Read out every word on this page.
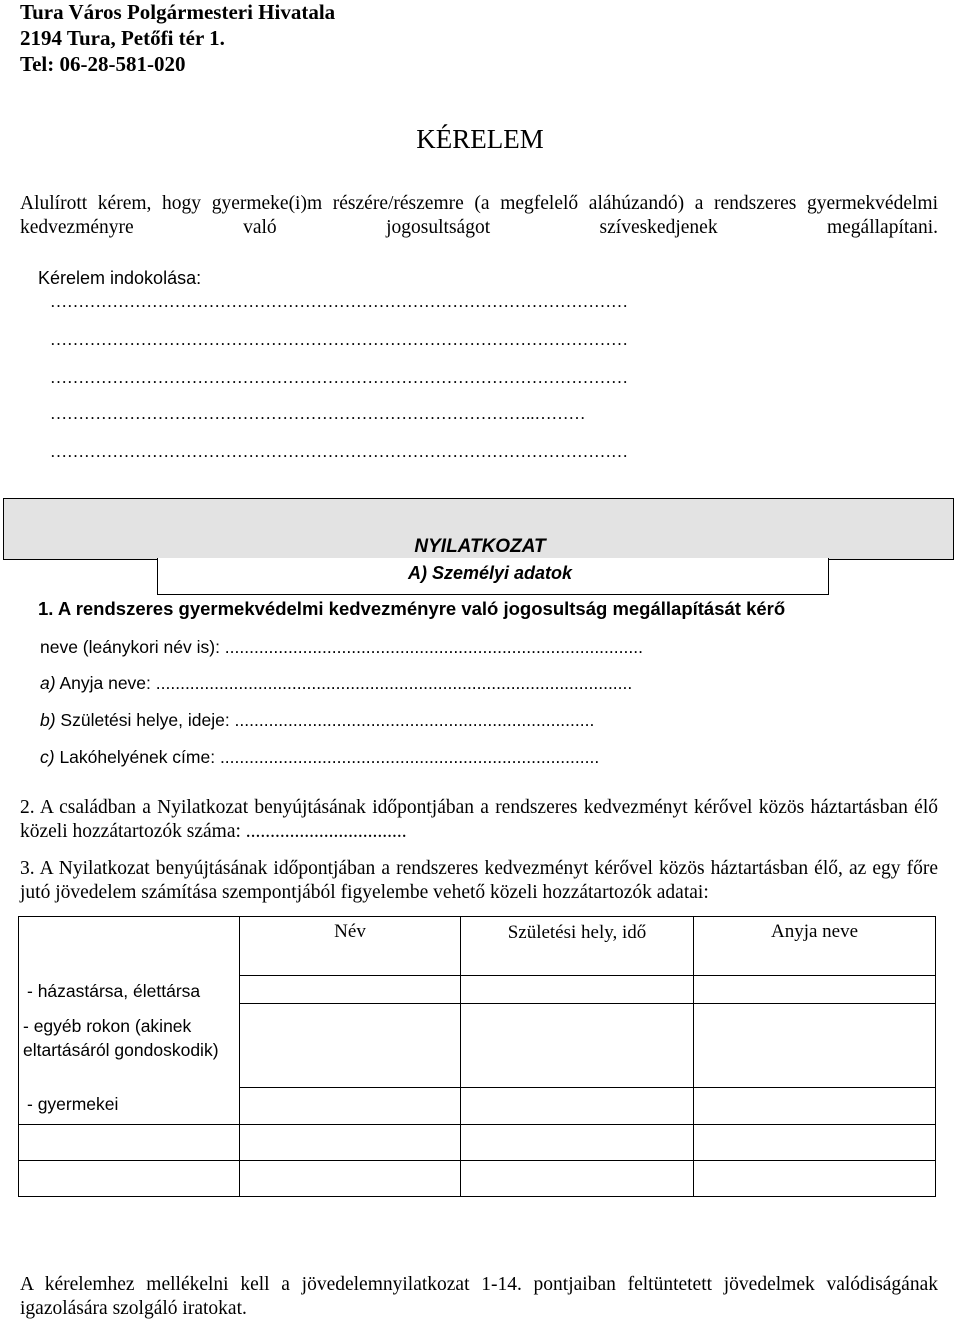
Tura Város Polgármesteri Hivatala
2194 Tura, Petőfi tér 1.
Tel: 06-28-581-020
KÉRELEM
Alulírott kérem, hogy gyermeke(i)m részére/részemre (a megfelelő aláhúzandó) a rendszeres gyermekvédelmi kedvezményre való jogosultságot szíveskedjenek megállapítani.
Kérelem indokolása:
…………………………………………………………………………………………
…………………………………………………………………………………………
…………………………………………………………………………………………
…………………………………………………………………………..………
…………………………………………………………………………………………
NYILATKOZAT
A) Személyi adatok
1. A rendszeres gyermekvédelmi kedvezményre való jogosultság megállapítását kérő
neve (leánykori név is): ......................................................................................
a) Anyja neve: ..................................................................................................
b) Születési helye, ideje: ..........................................................................
c) Lakóhelyének címe: ..............................................................................
2. A családban a Nyilatkozat benyújtásának időpontjában a rendszeres kedvezményt kérővel közös háztartásban élő közeli hozzátartozók száma: .................................
3. A Nyilatkozat benyújtásának időpontjában a rendszeres kedvezményt kérővel közös háztartásban élő, az egy főre jutó jövedelem számítása szempontjából figyelembe vehető közeli hozzátartozók adatai:
	Név	Születési hely, idő	Anyja neve
- házastársa, élettársa			
- egyéb rokon (akinek eltartásáról gondoskodik)			
- gyermekei			

A kérelemhez mellékelni kell a jövedelemnyilatkozat 1-14. pontjaiban feltüntetett jövedelmek valódiságának igazolására szolgáló iratokat.
